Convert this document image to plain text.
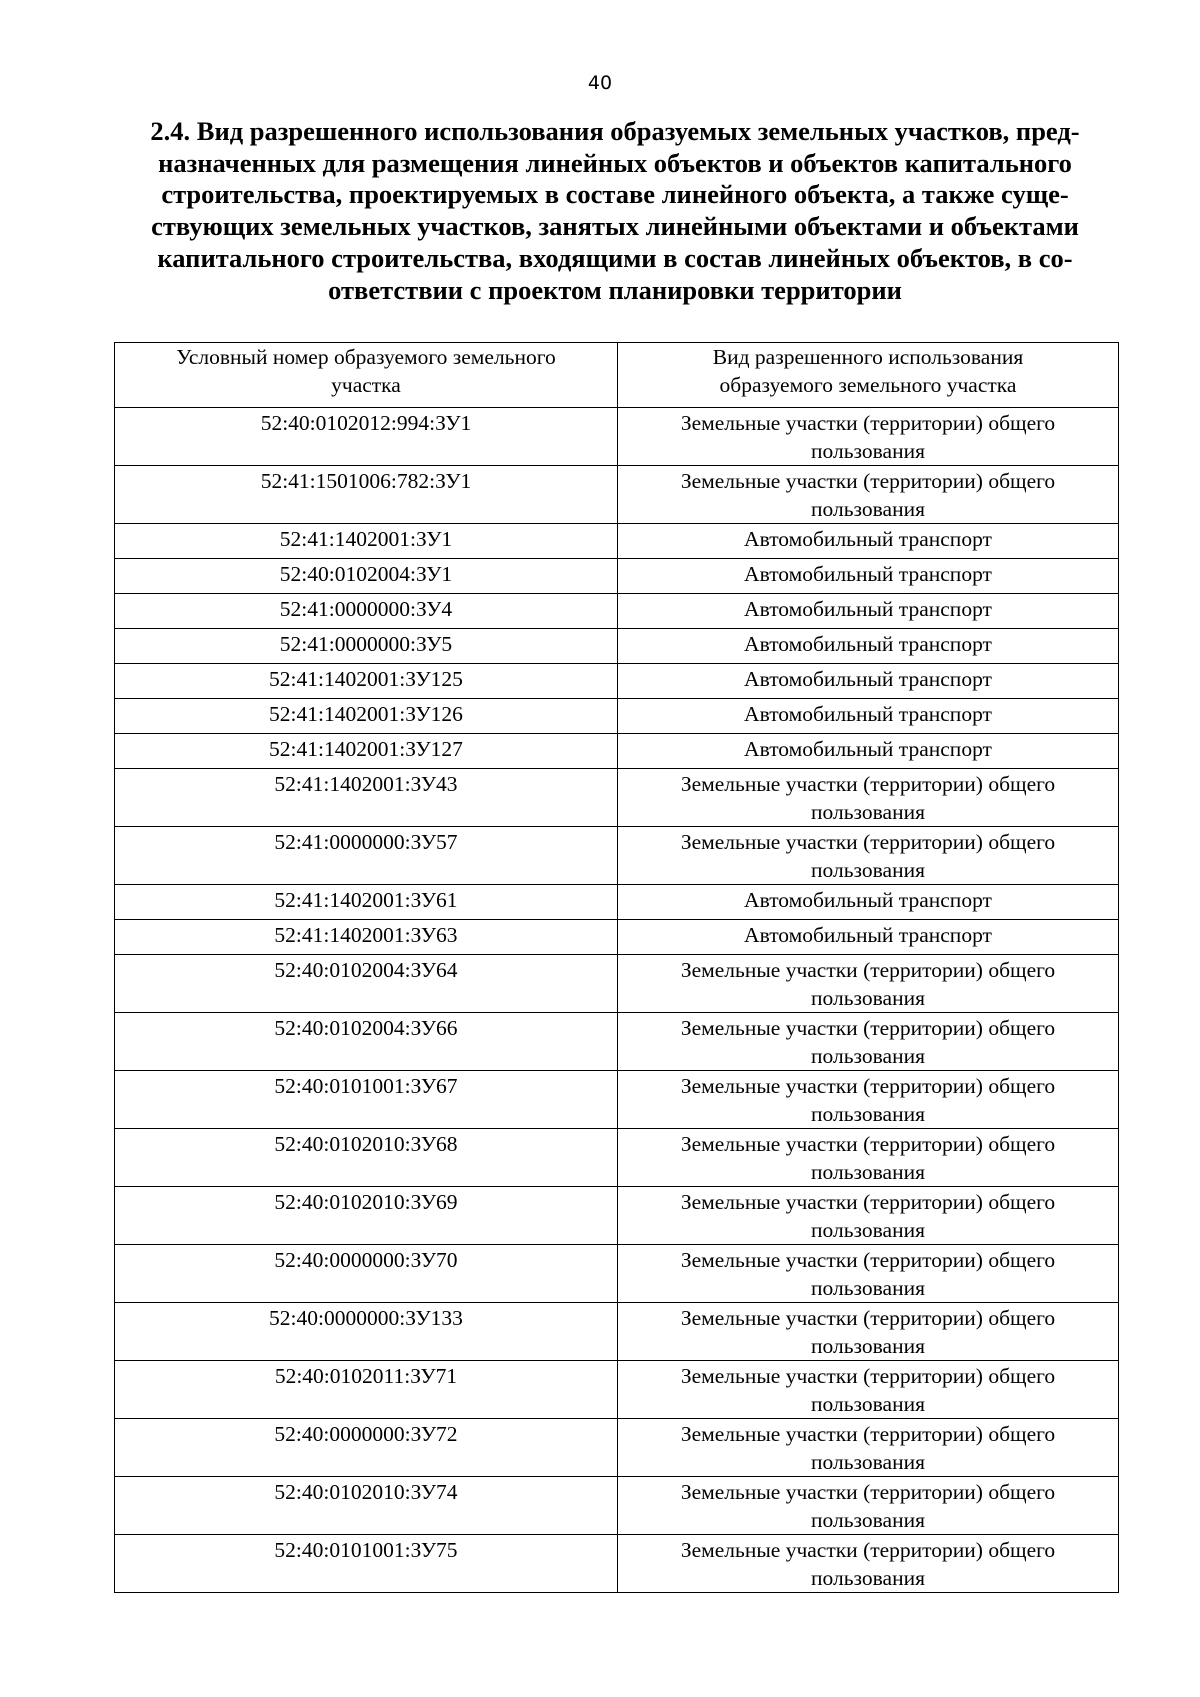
40
2.4. Вид разрешенного использования образуемых земельных участков, пред-
назначенных для размещения линейных объектов и объектов капитального
строительства, проектируемых в составе линейного объекта, а также суще-
ствующих земельных участков, занятых линейными объектами и объектами
капитального строительства, входящими в состав линейных объектов, в со-
ответствии с проектом планировки территории
Условный номер образуемого земельного
участка	Вид разрешенного использования
образуемого земельного участка
52:40:0102012:994:ЗУ1	Земельные участки (территории) общего
пользования
52:41:1501006:782:ЗУ1	Земельные участки (территории) общего
пользования
52:41:1402001:ЗУ1	Автомобильный транспорт
52:40:0102004:ЗУ1	Автомобильный транспорт
52:41:0000000:ЗУ4	Автомобильный транспорт
52:41:0000000:ЗУ5	Автомобильный транспорт
52:41:1402001:ЗУ125	Автомобильный транспорт
52:41:1402001:ЗУ126	Автомобильный транспорт
52:41:1402001:ЗУ127	Автомобильный транспорт
52:41:1402001:ЗУ43	Земельные участки (территории) общего
пользования
52:41:0000000:ЗУ57	Земельные участки (территории) общего
пользования
52:41:1402001:ЗУ61	Автомобильный транспорт
52:41:1402001:ЗУ63	Автомобильный транспорт
52:40:0102004:ЗУ64	Земельные участки (территории) общего
пользования
52:40:0102004:ЗУ66	Земельные участки (территории) общего
пользования
52:40:0101001:ЗУ67	Земельные участки (территории) общего
пользования
52:40:0102010:ЗУ68	Земельные участки (территории) общего
пользования
52:40:0102010:ЗУ69	Земельные участки (территории) общего
пользования
52:40:0000000:ЗУ70	Земельные участки (территории) общего
пользования
52:40:0000000:ЗУ133	Земельные участки (территории) общего
пользования
52:40:0102011:ЗУ71	Земельные участки (территории) общего
пользования
52:40:0000000:ЗУ72	Земельные участки (территории) общего
пользования
52:40:0102010:ЗУ74	Земельные участки (территории) общего
пользования
52:40:0101001:ЗУ75	Земельные участки (территории) общего
пользования
